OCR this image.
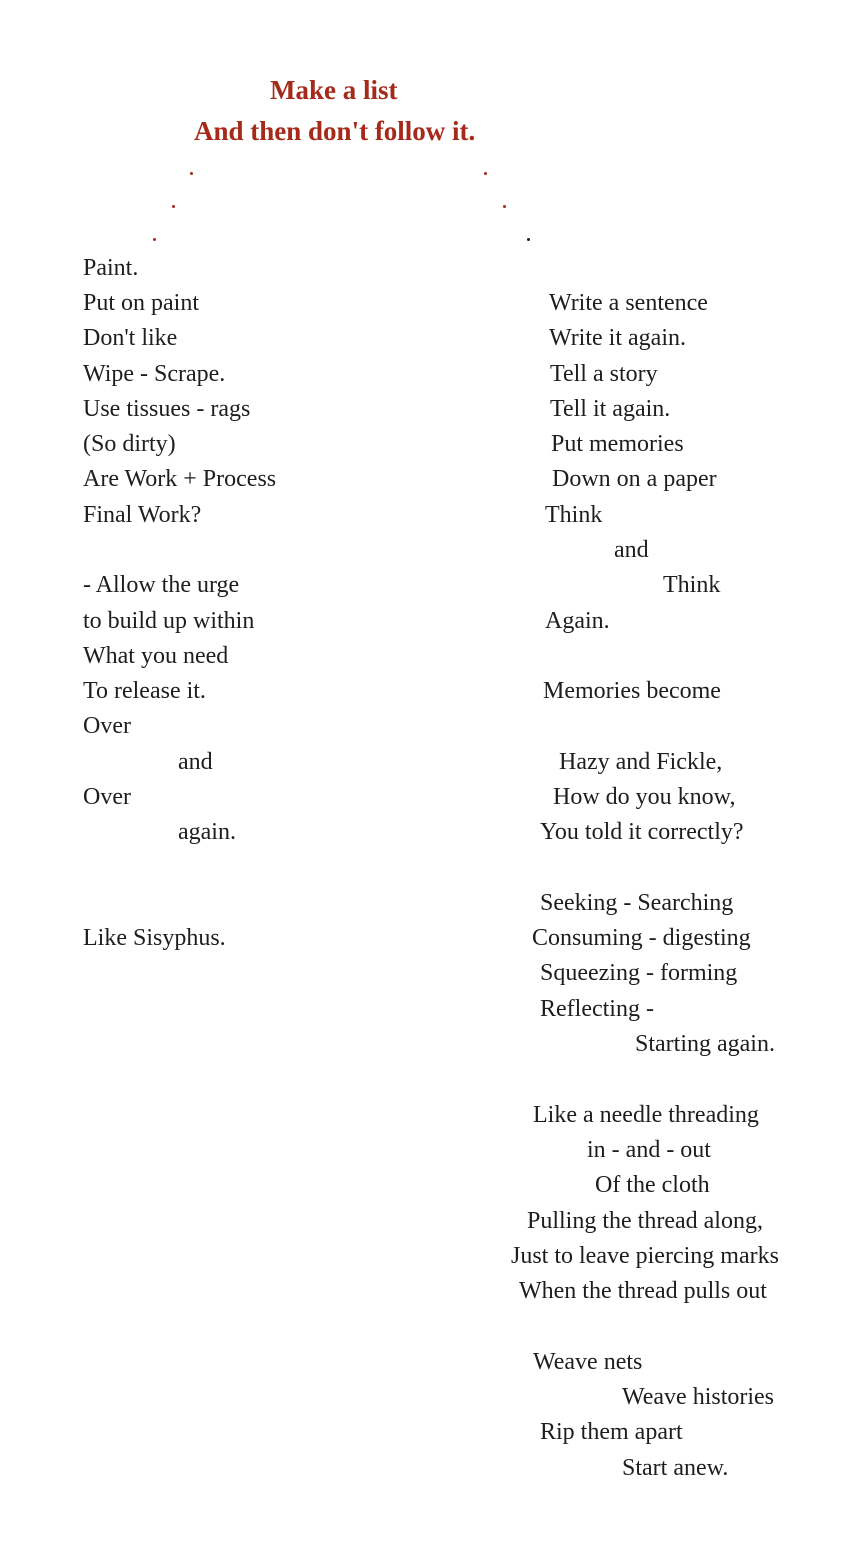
Make a list
And then don't follow it.
Paint.
Put on paint
Don't like
Wipe - Scrape.
Use tissues - rags
(So dirty)
Are Work + Process
Final Work?
- Allow the urge
to build up within
What you need
To release it.
Over
and
Over
again.
Like Sisyphus.
Write a sentence
Write it again.
Tell a story
Tell it again.
Put memories
Down on a paper
Think
and
Think
Again.
Memories become
Hazy and Fickle,
How do you know,
You told it correctly?
Seeking - Searching
Consuming - digesting
Squeezing - forming
Reflecting -
Starting again.
Like a needle threading
in - and - out
Of the cloth
Pulling the thread along,
Just to leave piercing marks
When the thread pulls out
Weave nets
Weave histories
Rip them apart
Start anew.
